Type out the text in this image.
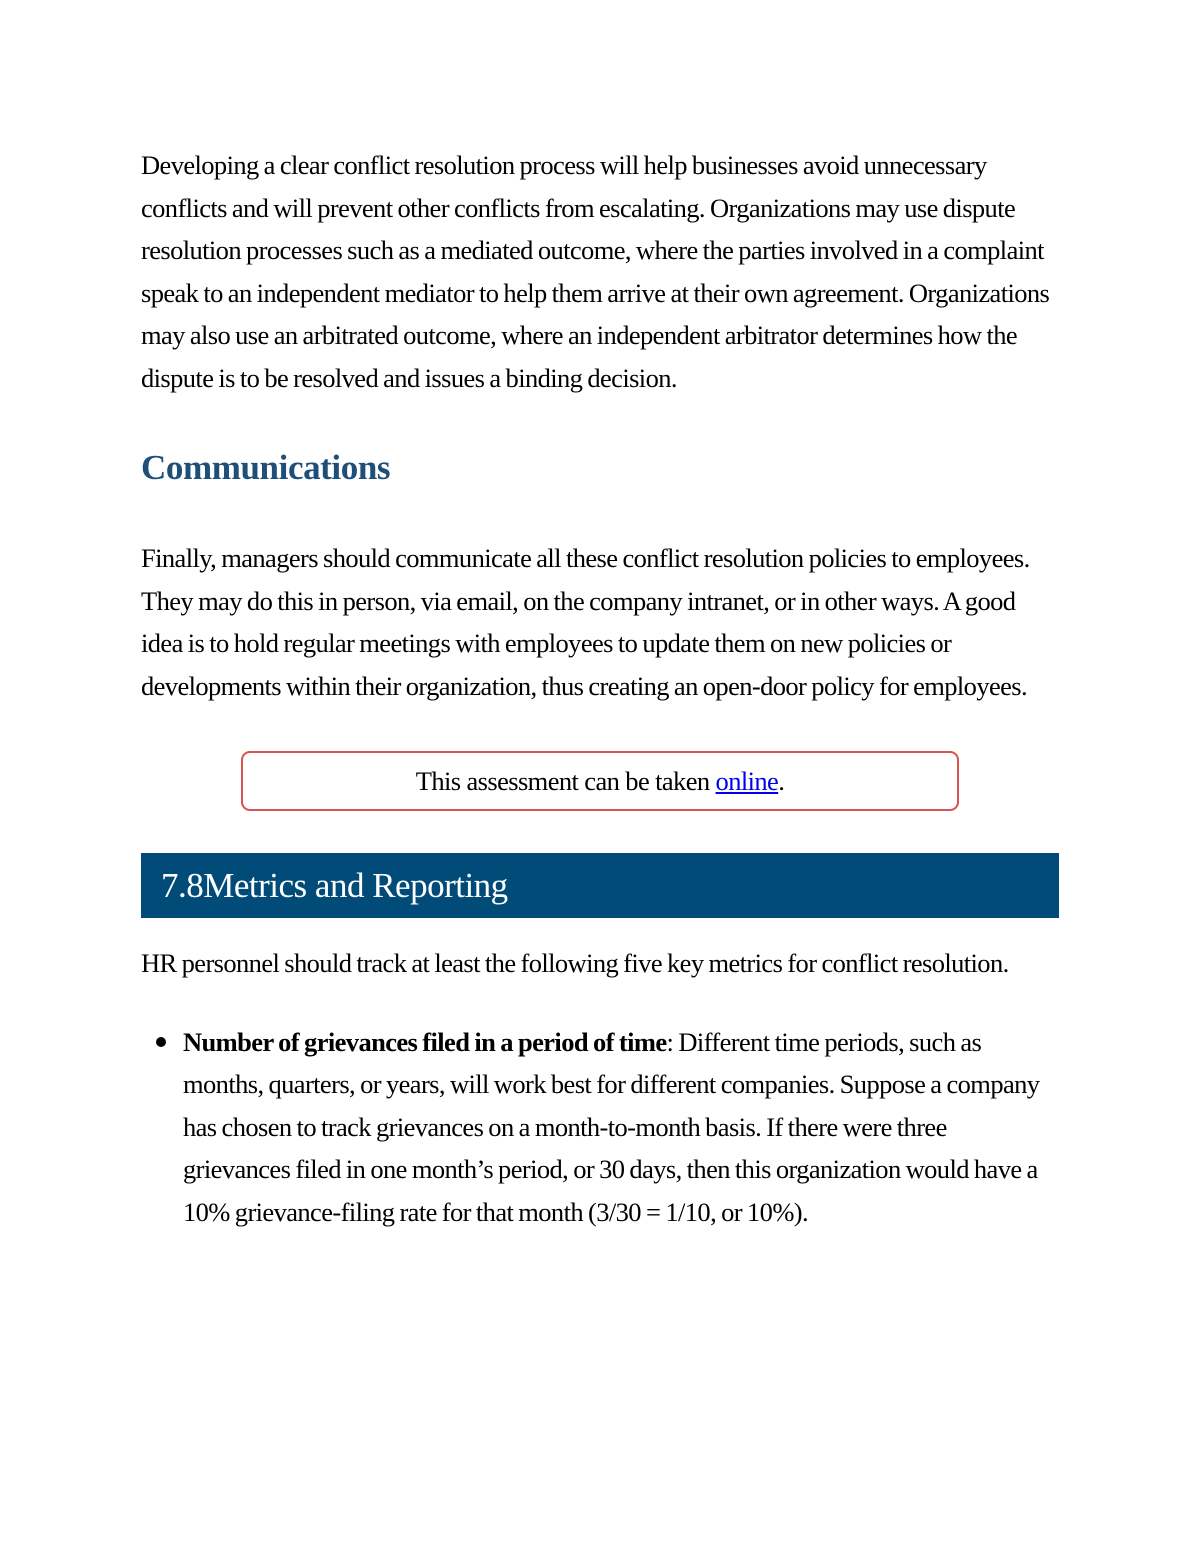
Developing a clear conflict resolution process will help businesses avoid unnecessary conflicts and will prevent other conflicts from escalating. Organizations may use dispute resolution processes such as a mediated outcome, where the parties involved in a complaint speak to an independent mediator to help them arrive at their own agreement. Organizations may also use an arbitrated outcome, where an independent arbitrator determines how the dispute is to be resolved and issues a binding decision.

Communications

Finally, managers should communicate all these conflict resolution policies to employees. They may do this in person, via email, on the company intranet, or in other ways. A good idea is to hold regular meetings with employees to update them on new policies or developments within their organization, thus creating an open-door policy for employees.

This assessment can be taken online.
7.8Metrics and Reporting

HR personnel should track at least the following five key metrics for conflict resolution.

Number of grievances filed in a period of time: Different time periods, such as months, quarters, or years, will work best for different companies. Suppose a company has chosen to track grievances on a month-to-month basis. If there were three grievances filed in one month’s period, or 30 days, then this organization would have a 10% grievance-filing rate for that month (3/30 = 1/10, or 10%).
